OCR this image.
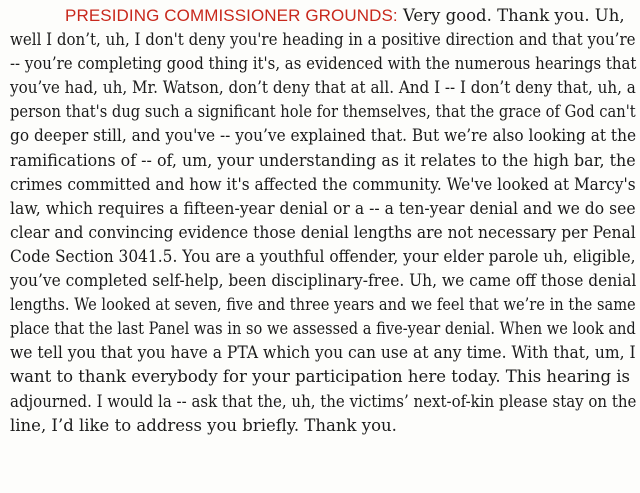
PRESIDING COMMISSIONER GROUNDS: Very good. Thank you. Uh,
well I don’t, uh, I don't deny you're heading in a positive direction and that you’re
-- you’re completing good thing it's, as evidenced with the numerous hearings that
you’ve had, uh, Mr. Watson, don’t deny that at all. And I -- I don’t deny that, uh, a
person that's dug such a significant hole for themselves, that the grace of God can't
go deeper still, and you've -- you’ve explained that. But we’re also looking at the
ramifications of -- of, um, your understanding as it relates to the high bar, the
crimes committed and how it's affected the community. We've looked at Marcy's
law, which requires a fifteen-year denial or a -- a ten-year denial and we do see
clear and convincing evidence those denial lengths are not necessary per Penal
Code Section 3041.5. You are a youthful offender, your elder parole uh, eligible,
you’ve completed self-help, been disciplinary-free. Uh, we came off those denial
lengths. We looked at seven, five and three years and we feel that we’re in the same
place that the last Panel was in so we assessed a five-year denial. When we look and
we tell you that you have a PTA which you can use at any time. With that, um, I
want to thank everybody for your participation here today. This hearing is
adjourned. I would la -- ask that the, uh, the victims’ next-of-kin please stay on the
line, I’d like to address you briefly. Thank you.
